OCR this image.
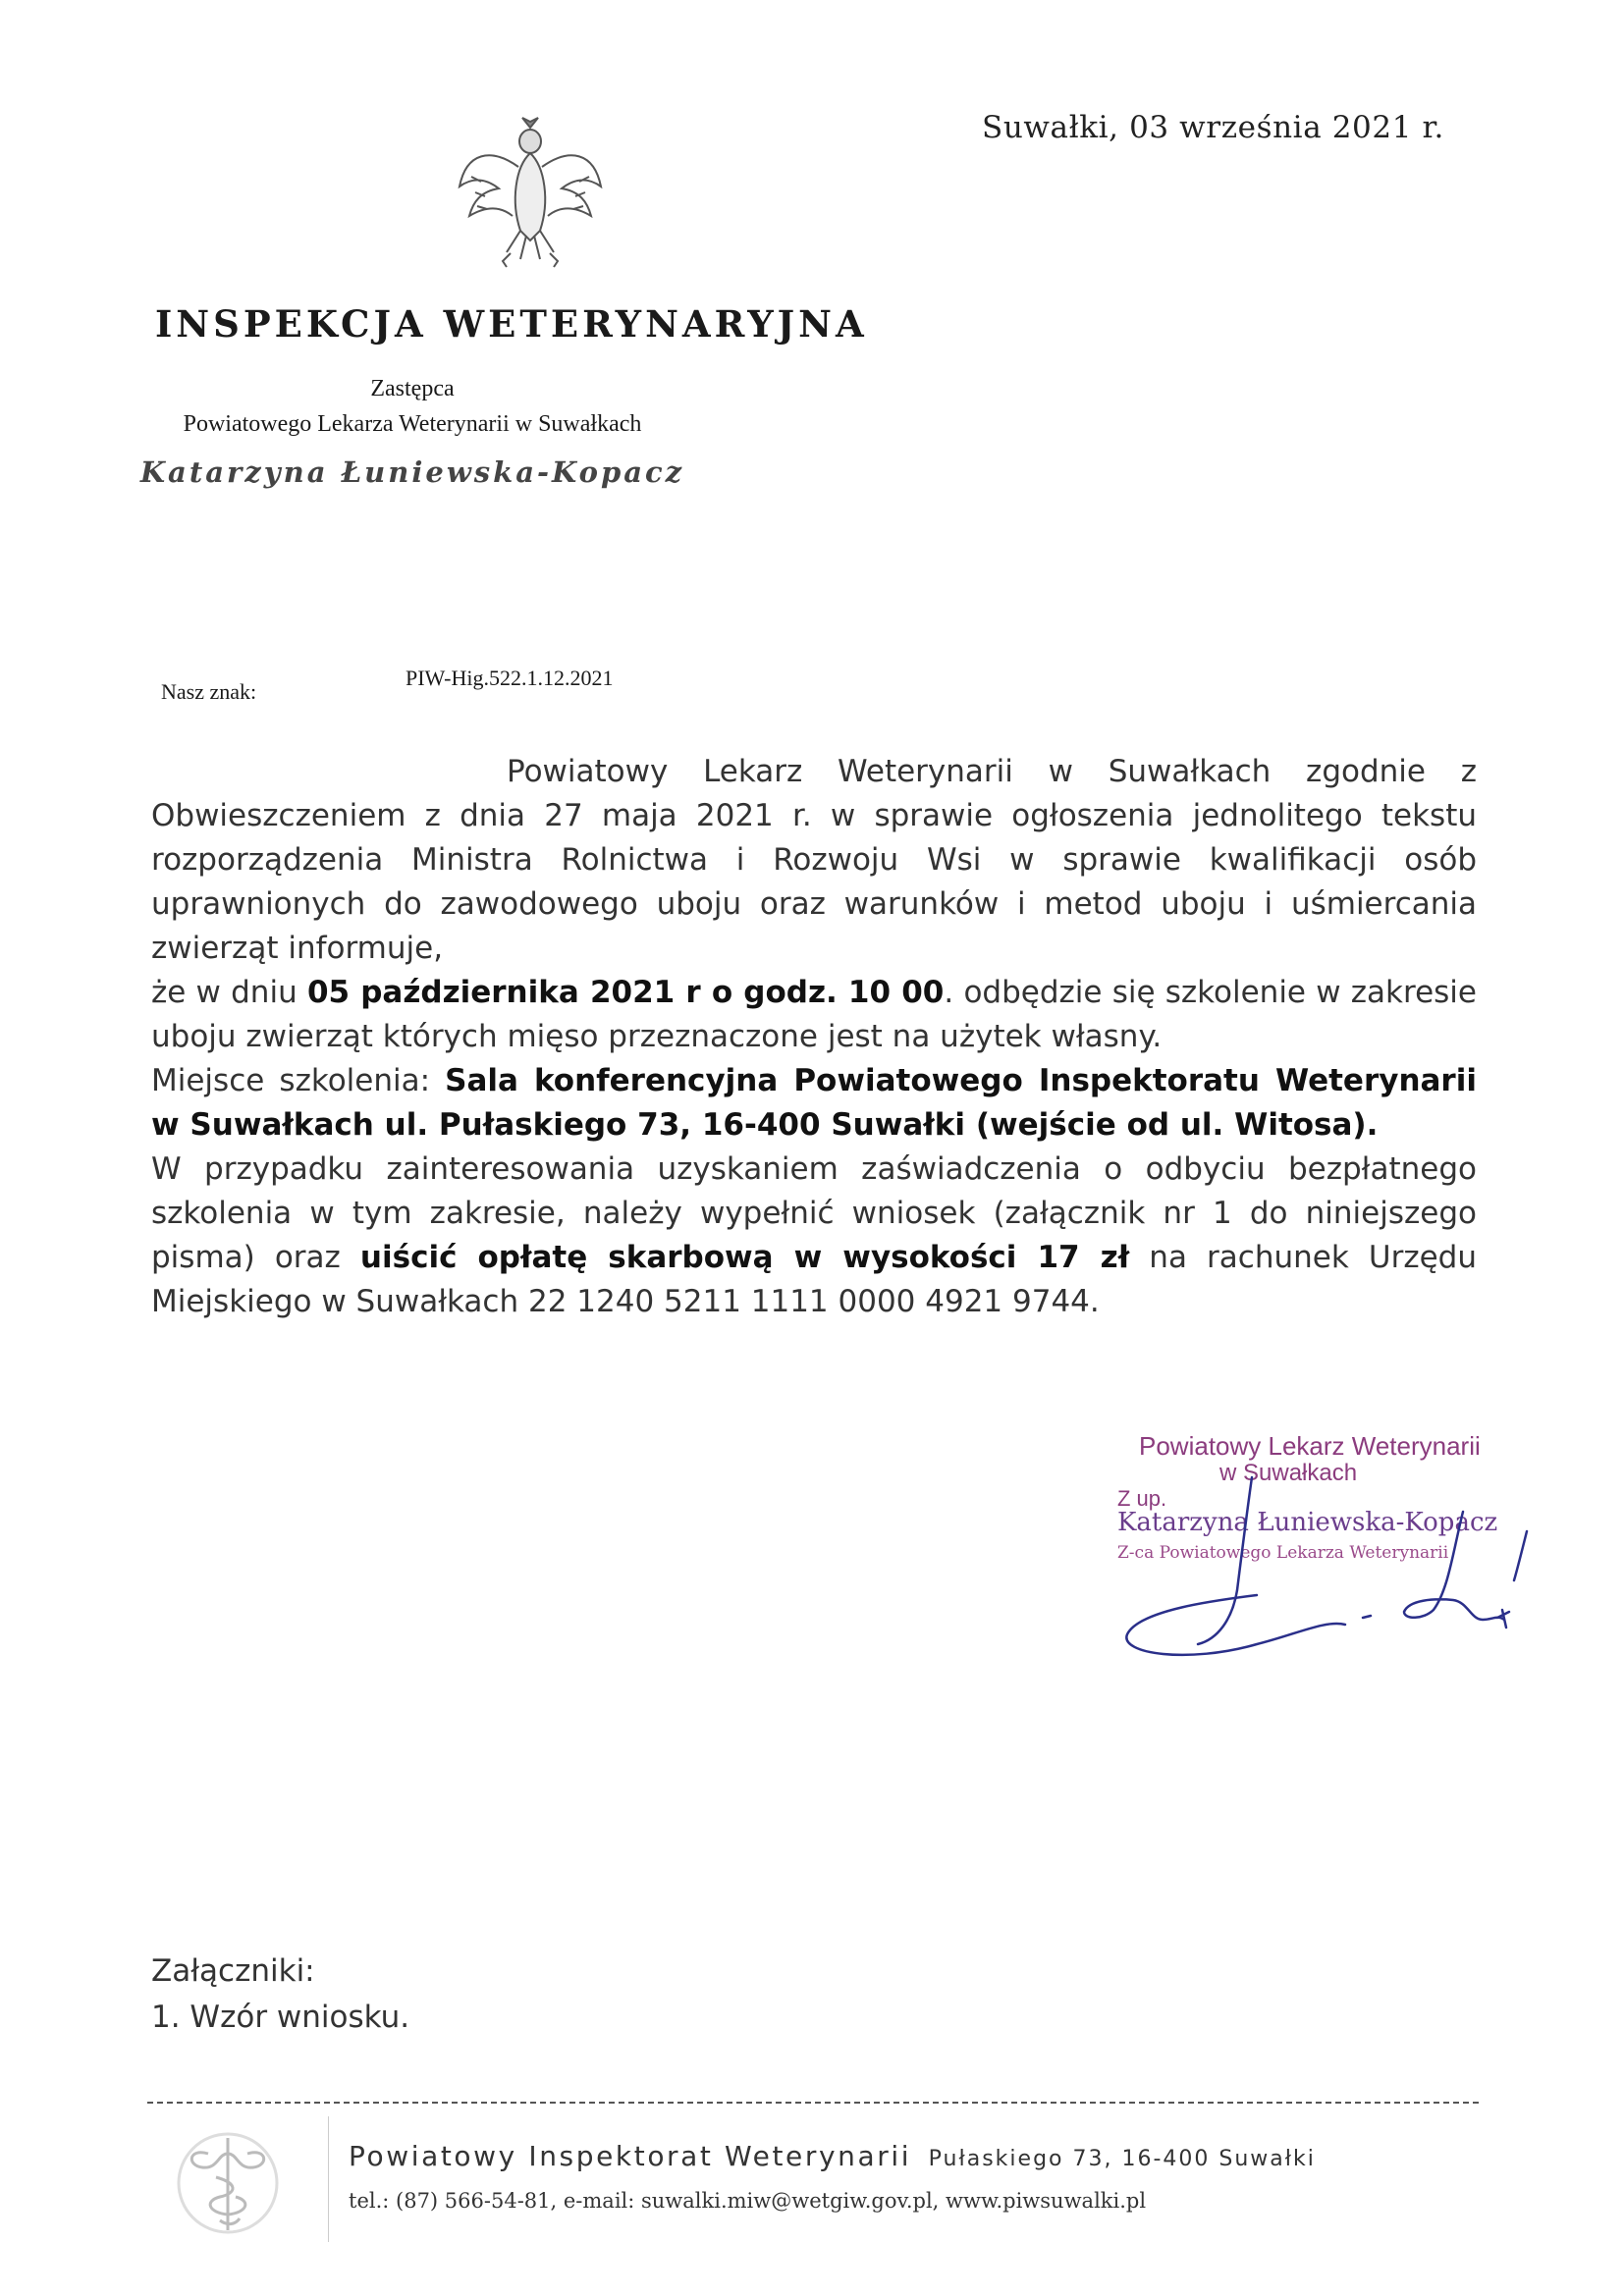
Suwałki, 03 września 2021 r.
INSPEKCJA WETERYNARYJNA
Zastępca
Powiatowego Lekarza Weterynarii w Suwałkach
Katarzyna Łuniewska-Kopacz
Nasz znak:
PIW-Hig.522.1.12.2021

Powiatowy Lekarz Weterynarii w Suwałkach zgodnie z Obwieszczeniem z dnia 27 maja 2021 r. w sprawie ogłoszenia jednolitego tekstu rozporządzenia Ministra Rolnictwa i Rozwoju Wsi w sprawie kwalifikacji osób uprawnionych do zawodowego uboju oraz warunków i metod uboju i uśmiercania zwierząt informuje,

że w dniu 05 października 2021 r o godz. 10 00. odbędzie się szkolenie w zakresie uboju zwierząt których mięso przeznaczone jest na użytek własny.

Miejsce szkolenia: Sala konferencyjna Powiatowego Inspektoratu Weterynarii w Suwałkach ul. Pułaskiego 73, 16-400 Suwałki (wejście od ul. Witosa).

W przypadku zainteresowania uzyskaniem zaświadczenia o odbyciu bezpłatnego szkolenia w tym zakresie, należy wypełnić wniosek (załącznik nr 1 do niniejszego pisma) oraz uiścić opłatę skarbową w wysokości 17 zł na rachunek Urzędu Miejskiego w Suwałkach 22 1240 5211 1111 0000 4921 9744.

Powiatowy Lekarz Weterynarii
w Suwałkach
Z up.
Katarzyna Łuniewska-Kopacz
Z-ca Powiatowego Lekarza Weterynarii
Załączniki:
1. Wzór wniosku.
Powiatowy Inspektorat Weterynarii Pułaskiego 73, 16-400 Suwałki
tel.: (87) 566-54-81, e-mail: suwalki.miw@wetgiw.gov.pl, www.piwsuwalki.pl
